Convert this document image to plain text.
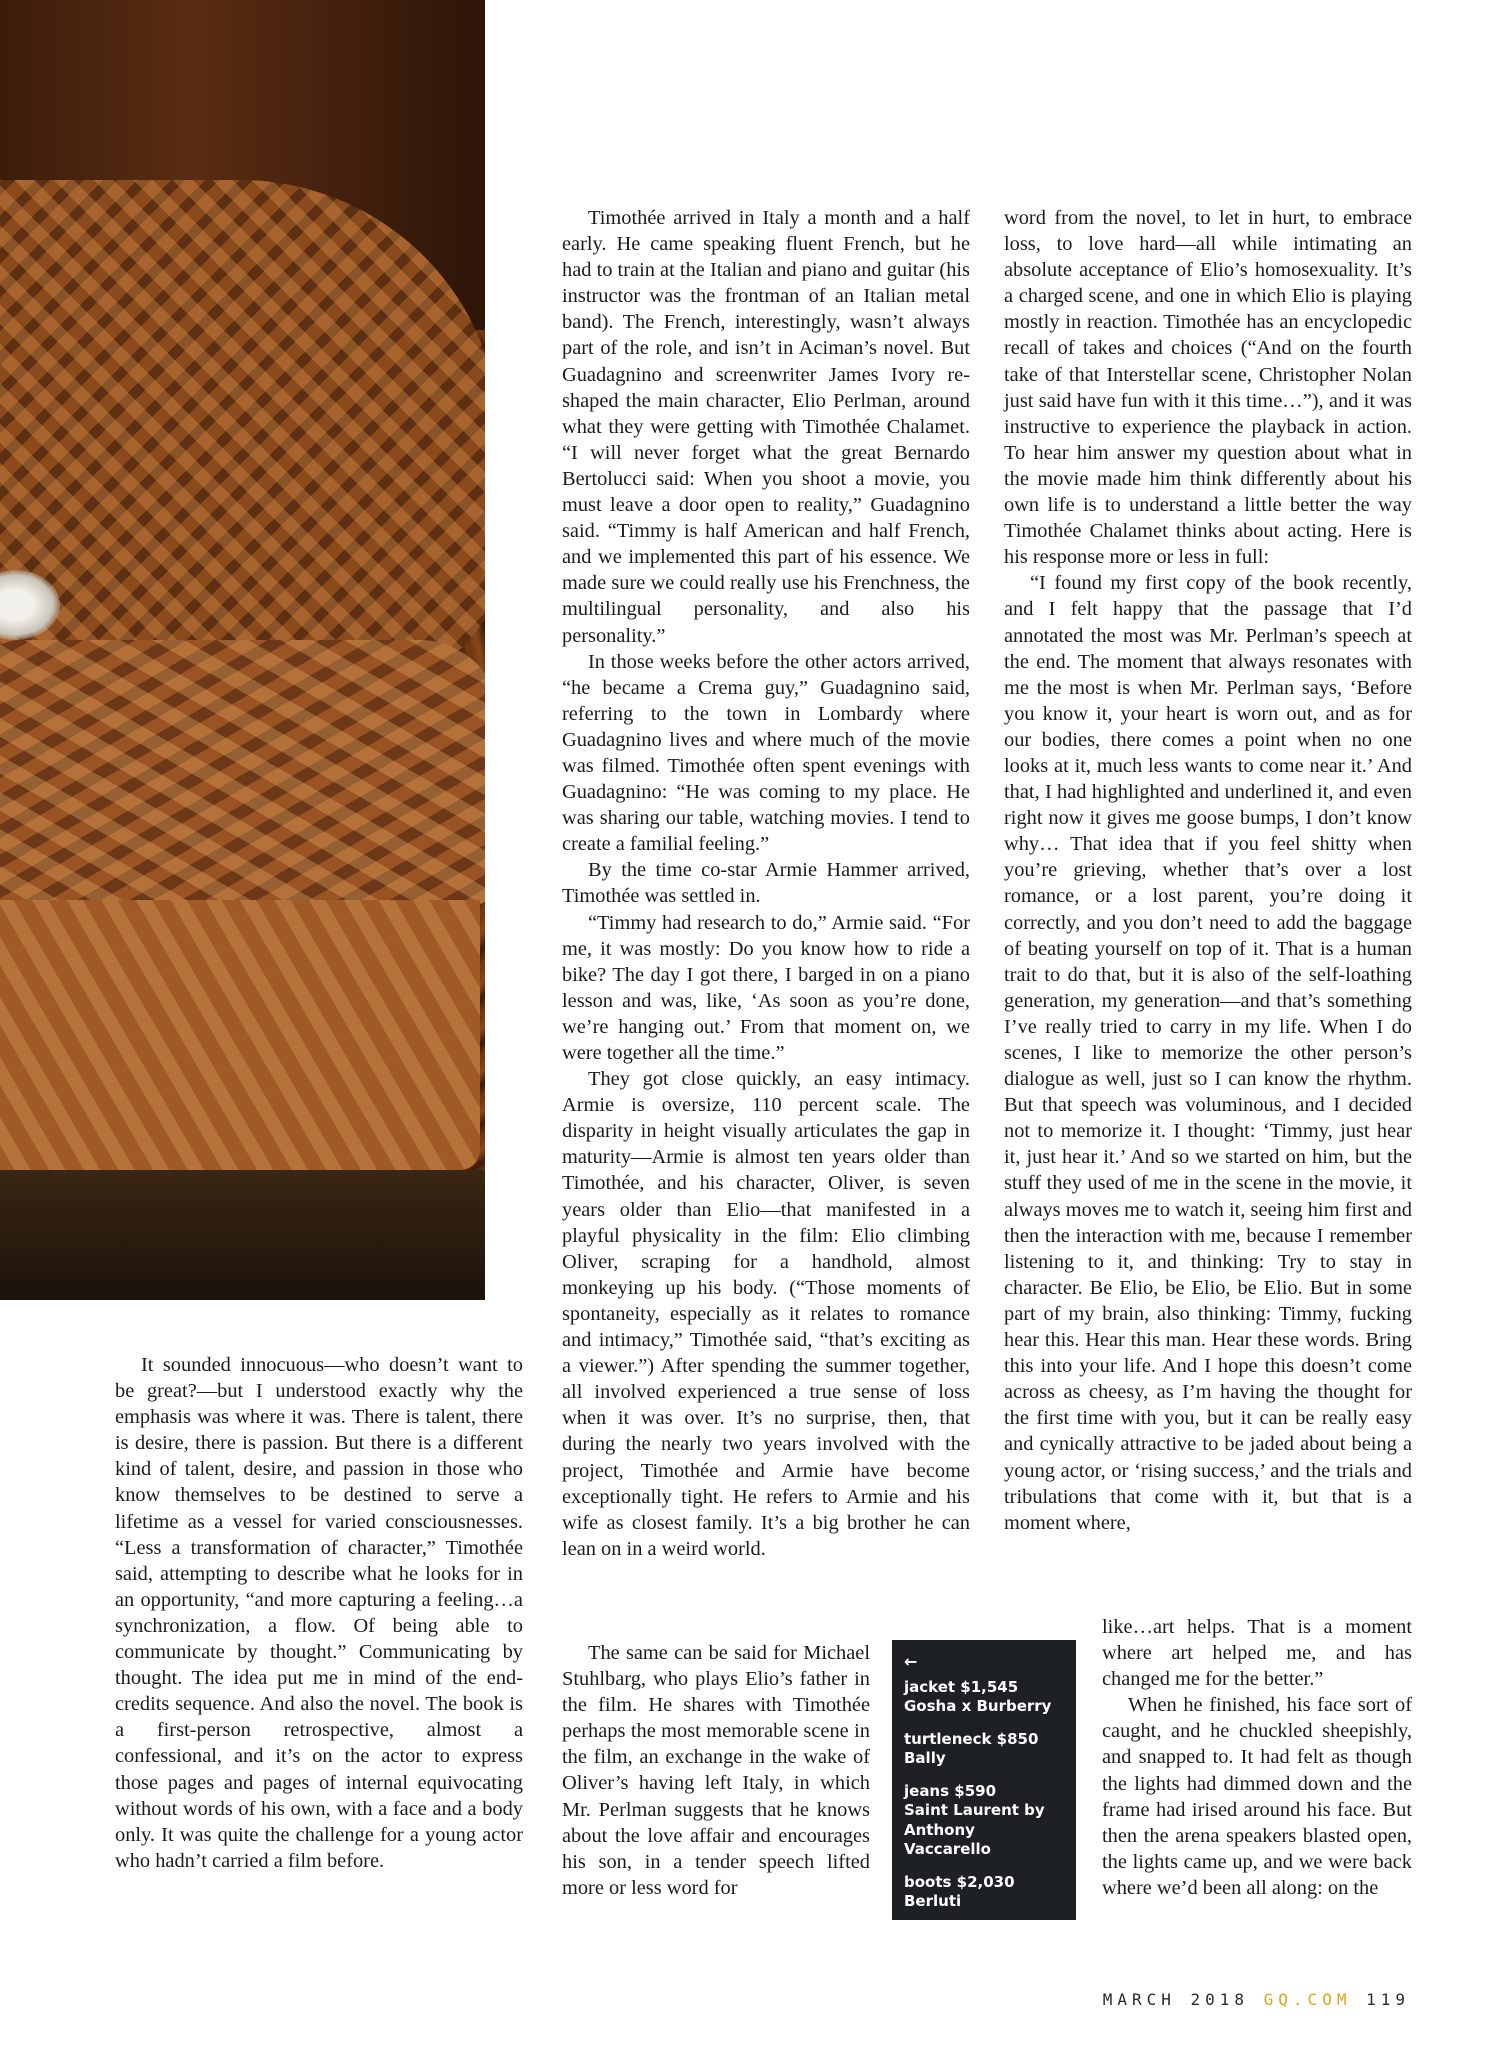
It sounded innocuous—who doesn’t want to be great?—but I understood exactly why the emphasis was where it was. There is talent, there is desire, there is passion. But there is a different kind of talent, desire, and passion in those who know themselves to be destined to serve a lifetime as a vessel for varied consciousnesses. “Less a transformation of character,” Timothée said, attempting to describe what he looks for in an opportunity, “and more capturing a feeling…a synchronization, a flow. Of being able to communicate by thought.” Communicating by thought. The idea put me in mind of the end-credits sequence. And also the novel. The book is a first-person retrospective, almost a confessional, and it’s on the actor to express those pages and pages of internal equivocating without words of his own, with a face and a body only. It was quite the challenge for a young actor who hadn’t carried a film before.

Timothée arrived in Italy a month and a half early. He came speaking fluent French, but he had to train at the Italian and piano and guitar (his instructor was the frontman of an Italian metal band). The French, interestingly, wasn’t always part of the role, and isn’t in Aciman’s novel. But Guadagnino and screenwriter James Ivory re-shaped the main character, Elio Perlman, around what they were getting with Timothée Chalamet. “I will never forget what the great Bernardo Bertolucci said: When you shoot a movie, you must leave a door open to reality,” Guadagnino said. “Timmy is half American and half French, and we implemented this part of his essence. We made sure we could really use his Frenchness, the multilingual personality, and also his personality.”

In those weeks before the other actors arrived, “he became a Crema guy,” Guadagnino said, referring to the town in Lombardy where Guadagnino lives and where much of the movie was filmed. Timothée often spent evenings with Guadagnino: “He was coming to my place. He was sharing our table, watching movies. I tend to create a familial feeling.”

By the time co-star Armie Hammer arrived, Timothée was settled in.

“Timmy had research to do,” Armie said. “For me, it was mostly: Do you know how to ride a bike? The day I got there, I barged in on a piano lesson and was, like, ‘As soon as you’re done, we’re hanging out.’ From that moment on, we were together all the time.”

They got close quickly, an easy intimacy. Armie is oversize, 110 percent scale. The disparity in height visually articulates the gap in maturity—Armie is almost ten years older than Timothée, and his character, Oliver, is seven years older than Elio—that manifested in a playful physicality in the film: Elio climbing Oliver, scraping for a handhold, almost monkeying up his body. (“Those moments of spontaneity, especially as it relates to romance and intimacy,” Timothée said, “that’s exciting as a viewer.”) After spending the summer together, all involved experienced a true sense of loss when it was over. It’s no surprise, then, that during the nearly two years involved with the project, Timothée and Armie have become exceptionally tight. He refers to Armie and his wife as closest family. It’s a big brother he can lean on in a weird world.

The same can be said for Michael Stuhlbarg, who plays Elio’s father in the film. He shares with Timothée perhaps the most memorable scene in the film, an exchange in the wake of Oliver’s having left Italy, in which Mr. Perlman suggests that he knows about the love affair and encourages his son, in a tender speech lifted more or less word for

←
jacket $1,545
Gosha x Burberry
turtleneck $850
Bally
jeans $590
Saint Laurent by Anthony Vaccarello
boots $2,030
Berluti

word from the novel, to let in hurt, to embrace loss, to love hard—all while intimating an absolute acceptance of Elio’s homosexuality. It’s a charged scene, and one in which Elio is playing mostly in reaction. Timothée has an encyclopedic recall of takes and choices (“And on the fourth take of that Interstellar scene, Christopher Nolan just said have fun with it this time…”), and it was instructive to experience the playback in action. To hear him answer my question about what in the movie made him think differently about his own life is to understand a little better the way Timothée Chalamet thinks about acting. Here is his response more or less in full:

“I found my first copy of the book recently, and I felt happy that the passage that I’d annotated the most was Mr. Perlman’s speech at the end. The moment that always resonates with me the most is when Mr. Perlman says, ‘Before you know it, your heart is worn out, and as for our bodies, there comes a point when no one looks at it, much less wants to come near it.’ And that, I had highlighted and underlined it, and even right now it gives me goose bumps, I don’t know why… That idea that if you feel shitty when you’re grieving, whether that’s over a lost romance, or a lost parent, you’re doing it correctly, and you don’t need to add the baggage of beating yourself on top of it. That is a human trait to do that, but it is also of the self-loathing generation, my generation—and that’s something I’ve really tried to carry in my life. When I do scenes, I like to memorize the other person’s dialogue as well, just so I can know the rhythm. But that speech was voluminous, and I decided not to memorize it. I thought: ‘Timmy, just hear it, just hear it.’ And so we started on him, but the stuff they used of me in the scene in the movie, it always moves me to watch it, seeing him first and then the interaction with me, because I remember listening to it, and thinking: Try to stay in character. Be Elio, be Elio, be Elio. But in some part of my brain, also thinking: Timmy, fucking hear this. Hear this man. Hear these words. Bring this into your life. And I hope this doesn’t come across as cheesy, as I’m having the thought for the first time with you, but it can be really easy and cynically attractive to be jaded about being a young actor, or ‘rising success,’ and the trials and tribulations that come with it, but that is a moment where,

like…art helps. That is a moment where art helped me, and has changed me for the better.”

When he finished, his face sort of caught, and he chuckled sheepishly, and snapped to. It had felt as though the lights had dimmed down and the frame had irised around his face. But then the arena speakers blasted open, the lights came up, and we were back where we’d been all along: on the

MARCH 2018 GQ.COM 119
